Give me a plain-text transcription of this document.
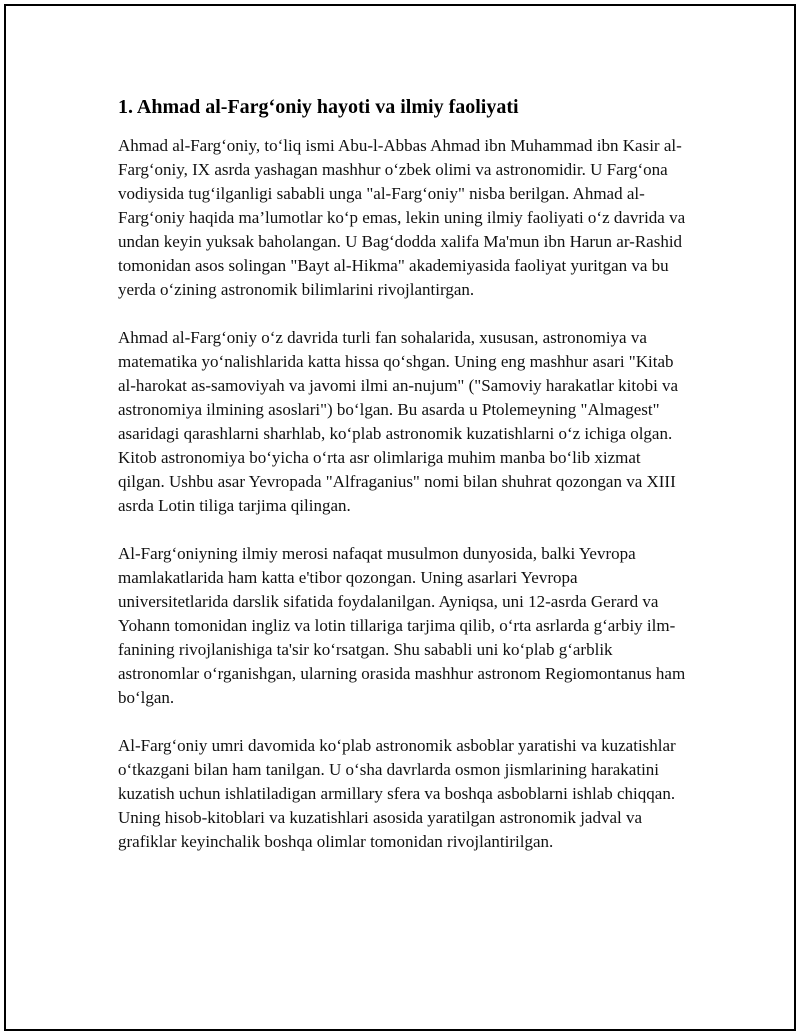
1. Ahmad al-Farg‘oniy hayoti va ilmiy faoliyati

Ahmad al-Farg‘oniy, to‘liq ismi Abu-l-Abbas Ahmad ibn Muhammad ibn Kasir al-Farg‘oniy, IX asrda yashagan mashhur o‘zbek olimi va astronomidir. U Farg‘ona vodiysida tug‘ilganligi sababli unga "al-Farg‘oniy" nisba berilgan. Ahmad al-Farg‘oniy haqida ma’lumotlar ko‘p emas, lekin uning ilmiy faoliyati o‘z davrida va undan keyin yuksak baholangan. U Bag‘dodda xalifa Ma'mun ibn Harun ar-Rashid tomonidan asos solingan "Bayt al-Hikma" akademiyasida faoliyat yuritgan va bu yerda o‘zining astronomik bilimlarini rivojlantirgan.

Ahmad al-Farg‘oniy o‘z davrida turli fan sohalarida, xususan, astronomiya va matematika yo‘nalishlarida katta hissa qo‘shgan. Uning eng mashhur asari "Kitab al-harokat as-samoviyah va javomi ilmi an-nujum" ("Samoviy harakatlar kitobi va astronomiya ilmining asoslari") bo‘lgan. Bu asarda u Ptolemeyning "Almagest" asaridagi qarashlarni sharhlab, ko‘plab astronomik kuzatishlarni o‘z ichiga olgan. Kitob astronomiya bo‘yicha o‘rta asr olimlariga muhim manba bo‘lib xizmat qilgan. Ushbu asar Yevropada "Alfraganius" nomi bilan shuhrat qozongan va XIII asrda Lotin tiliga tarjima qilingan.

Al-Farg‘oniyning ilmiy merosi nafaqat musulmon dunyosida, balki Yevropa mamlakatlarida ham katta e'tibor qozongan. Uning asarlari Yevropa universitetlarida darslik sifatida foydalanilgan. Ayniqsa, uni 12-asrda Gerard va Yohann tomonidan ingliz va lotin tillariga tarjima qilib, o‘rta asrlarda g‘arbiy ilm-fanining rivojlanishiga ta'sir ko‘rsatgan. Shu sababli uni ko‘plab g‘arblik astronomlar o‘rganishgan, ularning orasida mashhur astronom Regiomontanus ham bo‘lgan.

Al-Farg‘oniy umri davomida ko‘plab astronomik asboblar yaratishi va kuzatishlar o‘tkazgani bilan ham tanilgan. U o‘sha davrlarda osmon jismlarining harakatini kuzatish uchun ishlatiladigan armillary sfera va boshqa asboblarni ishlab chiqqan. Uning hisob-kitoblari va kuzatishlari asosida yaratilgan astronomik jadval va grafiklar keyinchalik boshqa olimlar tomonidan rivojlantirilgan.
